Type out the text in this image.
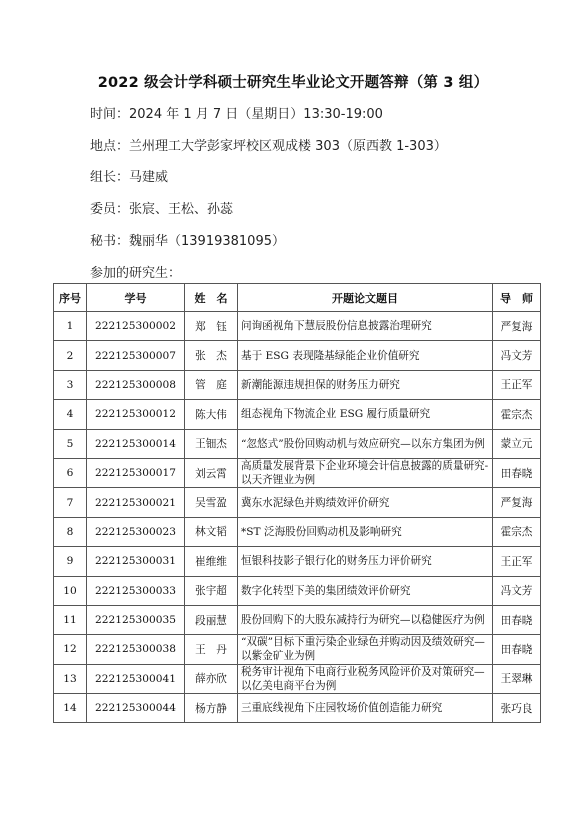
2022 级会计学科硕士研究生毕业论文开题答辩（第 3 组）
时间：2024 年 1 月 7 日（星期日）13:30-19:00
地点：兰州理工大学彭家坪校区观成楼 303（原西教 1-303）
组长：马建威
委员：张宸、王松、孙蕊
秘书：魏丽华（13919381095）
参加的研究生：
序号	学号	姓　名	开题论文题目	导　师
1	222125300002	郑　钰	问询函视角下慧辰股份信息披露治理研究	严复海
2	222125300007	张　杰	基于 ESG 表现隆基绿能企业价值研究	冯文芳
3	222125300008	管　庭	新潮能源违规担保的财务压力研究	王正军
4	222125300012	陈大伟	组态视角下物流企业 ESG 履行质量研究	霍宗杰
5	222125300014	王钿杰	“忽悠式”股份回购动机与效应研究—以东方集团为例	蒙立元
6	222125300017	刘云霄	高质量发展背景下企业环境会计信息披露的质量研究-以天齐锂业为例	田春晓
7	222125300021	吴雪盈	冀东水泥绿色并购绩效评价研究	严复海
8	222125300023	林文韬	*ST 泛海股份回购动机及影响研究	霍宗杰
9	222125300031	崔维维	恒银科技影子银行化的财务压力评价研究	王正军
10	222125300033	张宇超	数字化转型下美的集团绩效评价研究	冯文芳
11	222125300035	段丽慧	股份回购下的大股东减持行为研究—以稳健医疗为例	田春晓
12	222125300038	王　丹	“双碳”目标下重污染企业绿色并购动因及绩效研究—以紫金矿业为例	田春晓
13	222125300041	薛亦欣	税务审计视角下电商行业税务风险评价及对策研究—以亿美电商平台为例	王翠琳
14	222125300044	杨方静	三重底线视角下庄园牧场价值创造能力研究	张巧良
